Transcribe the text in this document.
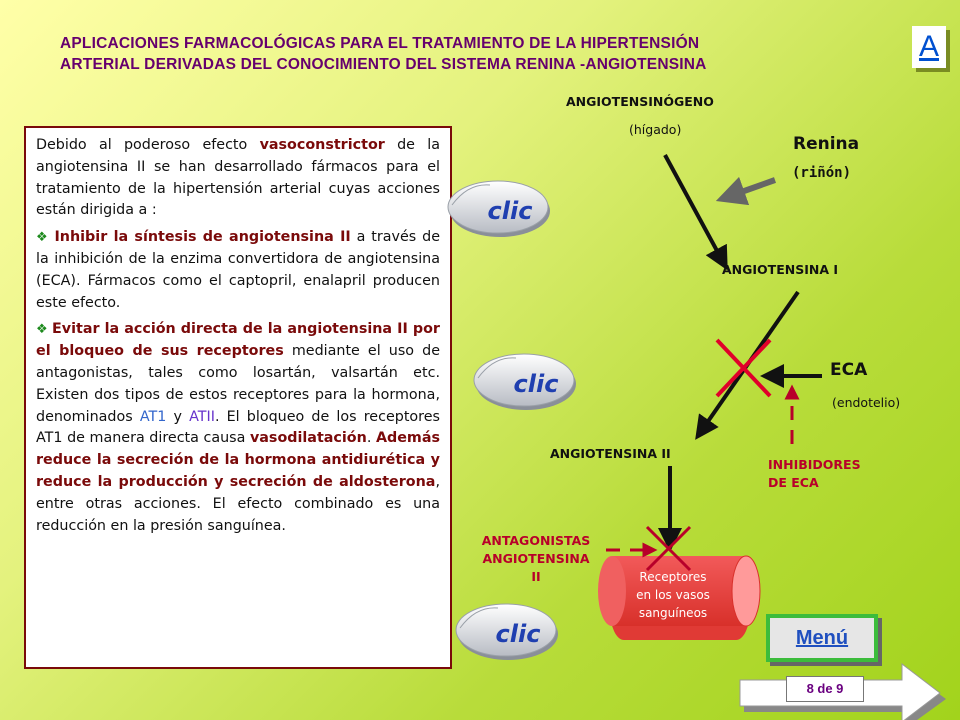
APLICACIONES FARMACOLÓGICAS PARA EL TRATAMIENTO DE LA HIPERTENSIÓN
ARTERIAL DERIVADAS DEL CONOCIMIENTO DEL SISTEMA RENINA -ANGIOTENSINA
A

Debido al poderoso efecto vasoconstrictor de la angiotensina II se han desarrollado fármacos para el tratamiento de la hipertensión arterial cuyas acciones están dirigida a :

❖ Inhibir la síntesis de angiotensina II a través de la inhibición de la enzima convertidora de angiotensina (ECA). Fármacos como el captopril, enalapril producen este efecto.

❖ Evitar la acción directa de la angiotensina II por el bloqueo de sus receptores mediante el uso de antagonistas, tales como losartán, valsartán etc. Existen dos tipos de estos receptores para la hormona, denominados AT1 y ATII. El bloqueo de los receptores AT1 de manera directa causa vasodilatación. Además reduce la secreción de la hormona antidiurética y reduce la producción y secreción de aldosterona, entre otras acciones. El efecto combinado es una reducción en la presión sanguínea.

clic
clic
clic
ANGIOTENSINÓGENO
(hígado)
Renina
(riñón)
ANGIOTENSINA I
ECA
(endotelio)
ANGIOTENSINA II
INHIBIDORES
DE ECA
ANTAGONISTAS
ANGIOTENSINA
II	Receptores
en los vasos
sanguíneos
Menú
8 de 9
